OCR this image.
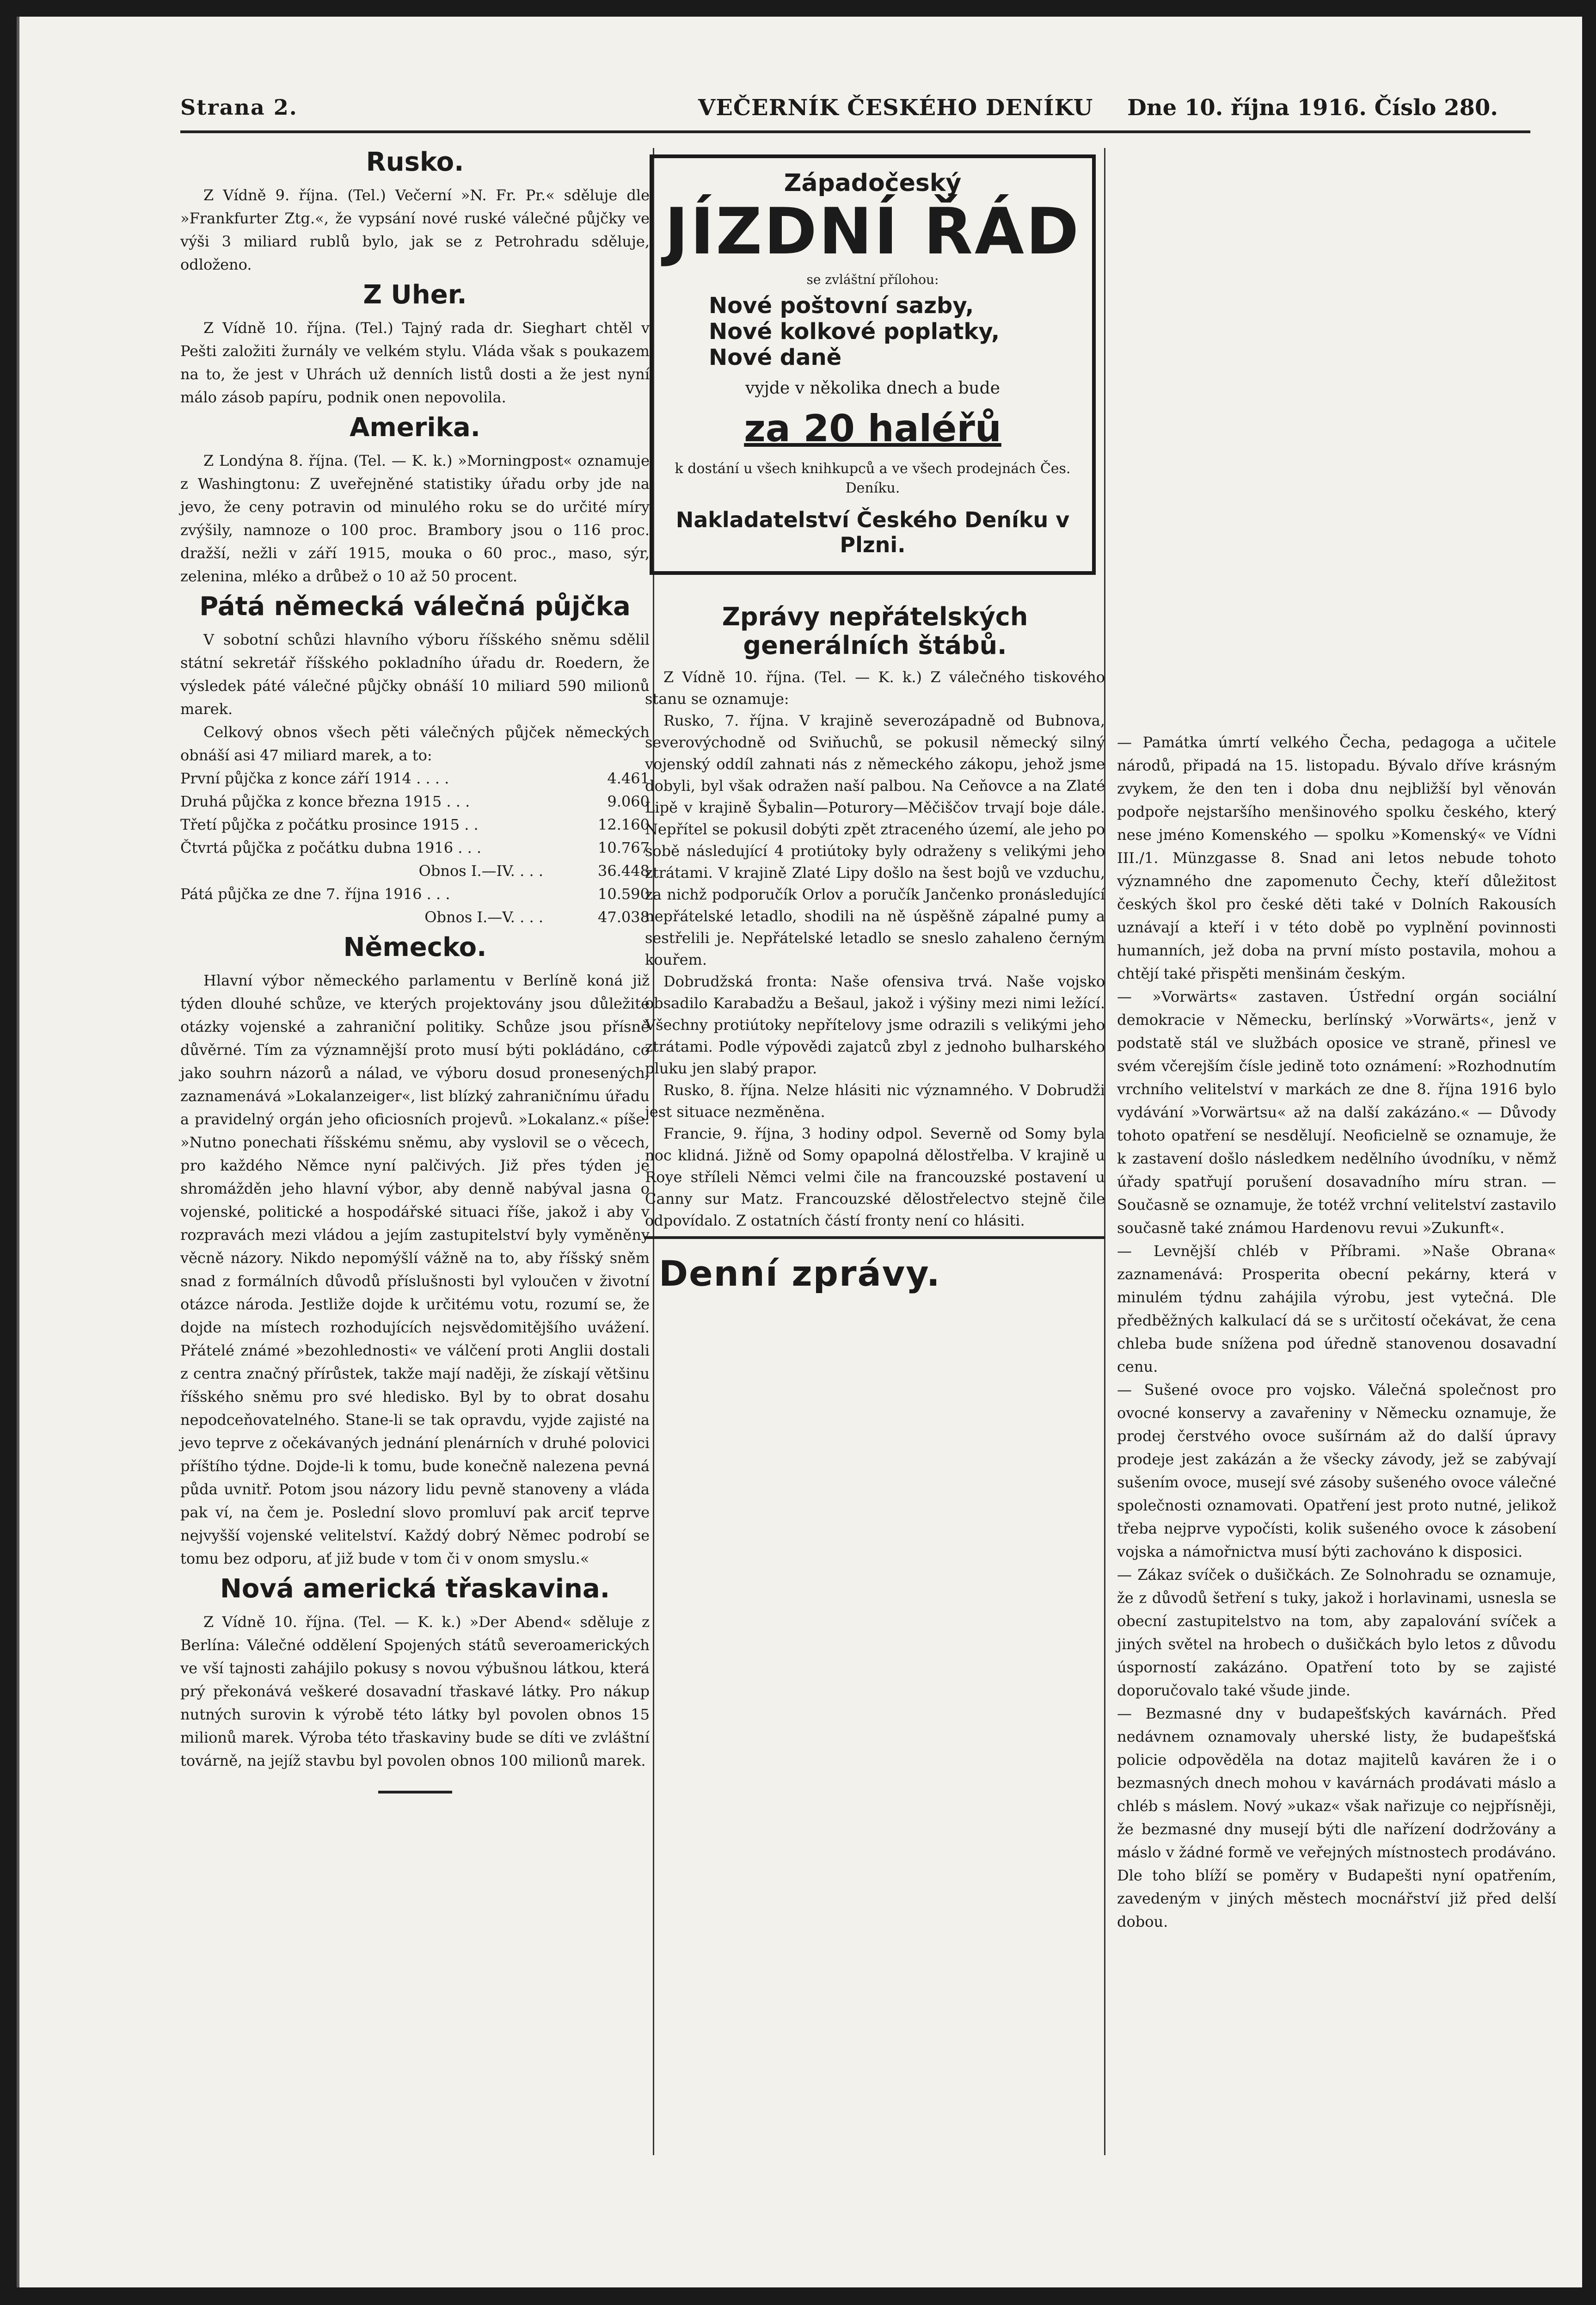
Strana 2.	VEČERNÍK ČESKÉHO DENÍKU Dne 10. října 1916. Číslo 280.
Rusko.

Z Vídně 9. října. (Tel.) Večerní »N. Fr. Pr.« sděluje dle »Frankfurter Ztg.«, že vypsání nové ruské válečné půjčky ve výši 3 miliard rublů bylo, jak se z Petrohradu sděluje, odloženo.

Z Uher.

Z Vídně 10. října. (Tel.) Tajný rada dr. Sieghart chtěl v Pešti založiti žurnály ve velkém stylu. Vláda však s poukazem na to, že jest v Uhrách už denních listů dosti a že jest nyní málo zásob papíru, podnik onen nepovolila.

Amerika.

Z Londýna 8. října. (Tel. — K. k.) »Morningpost« oznamuje z Washingtonu: Z uveřejněné statistiky úřadu orby jde na jevo, že ceny potravin od minulého roku se do určité míry zvýšily, namnoze o 100 proc. Brambory jsou o 116 proc. dražší, nežli v září 1915, mouka o 60 proc., maso, sýr, zelenina, mléko a drůbež o 10 až 50 procent.

Pátá německá válečná půjčka

V sobotní schůzi hlavního výboru říšského sněmu sdělil státní sekretář říšského pokladního úřadu dr. Roedern, že výsledek páté válečné půjčky obnáší 10 miliard 590 milionů marek.

Celkový obnos všech pěti válečných půjček německých obnáší asi 47 miliard marek, a to:

První půjčka z konce září 1914 . . . .	4.461
Druhá půjčka z konce března 1915 . . .	9.060
Třetí půjčka z počátku prosince 1915 . .	12.160
Čtvrtá půjčka z počátku dubna 1916 . . .	10.767
Obnos I.—IV. . . .	36.448
Pátá půjčka ze dne 7. října 1916 . . .	10.590
Obnos I.—V. . . .	47.038
Německo.

Hlavní výbor německého parlamentu v Berlíně koná již týden dlouhé schůze, ve kterých projektovány jsou důležité otázky vojenské a zahraniční politiky. Schůze jsou přísně důvěrné. Tím za významnější proto musí býti pokládáno, co jako souhrn názorů a nálad, ve výboru dosud pronesených, zaznamenává »Lokalanzeiger«, list blízký zahraničnímu úřadu a pravidelný orgán jeho oficiosních projevů. »Lokalanz.« píše: »Nutno ponechati říšskému sněmu, aby vyslovil se o věcech, pro každého Němce nyní palčivých. Již přes týden je shromážděn jeho hlavní výbor, aby denně nabýval jasna o vojenské, politické a hospodářské situaci říše, jakož i aby v rozpravách mezi vládou a jejím zastupitelství byly vyměněny věcně názory. Nikdo nepomýšlí vážně na to, aby říšský sněm snad z formálních důvodů příslušnosti byl vyloučen v životní otázce národa. Jestliže dojde k určitému votu, rozumí se, že dojde na místech rozhodujících nejsvědomitějšího uvážení. Přátelé známé »bezohlednosti« ve válčení proti Anglii dostali z centra značný přírůstek, takže mají naději, že získají většinu říšského sněmu pro své hledisko. Byl by to obrat dosahu nepodceňovatelného. Stane-li se tak opravdu, vyjde zajisté na jevo teprve z očekávaných jednání plenárních v druhé polovici příštího týdne. Dojde-li k tomu, bude konečně nalezena pevná půda uvnitř. Potom jsou názory lidu pevně stanoveny a vláda pak ví, na čem je. Poslední slovo promluví pak arciť teprve nejvyšší vojenské velitelství. Každý dobrý Němec podrobí se tomu bez odporu, ať již bude v tom či v onom smyslu.«

Nová americká třaskavina.

Z Vídně 10. října. (Tel. — K. k.) »Der Abend« sděluje z Berlína: Válečné oddělení Spojených států severoamerických ve vší tajnosti zahájilo pokusy s novou výbušnou látkou, která prý překonává veškeré dosavadní třaskavé látky. Pro nákup nutných surovin k výrobě této látky byl povolen obnos 15 milionů marek. Výroba této třaskaviny bude se díti ve zvláštní továrně, na jejíž stavbu byl povolen obnos 100 milionů marek.

Západočeský
JÍZDNÍ ŘÁD
se zvláštní přílohou:
Nové poštovní sazby,
Nové kolkové poplatky,
Nové daně
vyjde v několika dnech a bude
za 20 haléřů
k dostání u všech knihkupců a ve všech prodejnách Čes. Deníku.
Nakladatelství Českého Deníku v Plzni.
Zprávy nepřátelských generálních štábů.

Z Vídně 10. října. (Tel. — K. k.) Z válečného tiskového stanu se oznamuje:

Rusko, 7. října. V krajině severozápadně od Bubnova, severovýchodně od Sviňuchů, se pokusil německý silný vojenský oddíl zahnati nás z německého zákopu, jehož jsme dobyli, byl však odražen naší palbou. Na Ceňovce a na Zlaté Lipě v krajině Šybalin—Poturory—Měčiščov trvají boje dále. Nepřítel se pokusil dobýti zpět ztraceného území, ale jeho po sobě následující 4 protiútoky byly odraženy s velikými jeho ztrátami. V krajině Zlaté Lipy došlo na šest bojů ve vzduchu, za nichž podporučík Orlov a poručík Jančenko pronásledující nepřátelské letadlo, shodili na ně úspěšně zápalné pumy a sestřelili je. Nepřátelské letadlo se sneslo zahaleno černým kouřem.

Dobrudžská fronta: Naše ofensiva trvá. Naše vojsko obsadilo Karabadžu a Bešaul, jakož i výšiny mezi nimi ležící. Všechny protiútoky nepřítelovy jsme odrazili s velikými jeho ztrátami. Podle výpovědi zajatců zbyl z jednoho bulharského pluku jen slabý prapor.

Rusko, 8. října. Nelze hlásiti nic významného. V Dobrudži jest situace nezměněna.

Francie, 9. října, 3 hodiny odpol. Severně od Somy byla noc klidná. Jižně od Somy opapolná dělostřelba. V krajině u Roye stříleli Němci velmi čile na francouzské postavení u Canny sur Matz. Francouzské dělostřelectvo stejně čile odpovídalo. Z ostatních částí fronty není co hlásiti.

Denní zprávy.

— Památka úmrtí velkého Čecha, pedagoga a učitele národů, připadá na 15. listopadu. Bývalo dříve krásným zvykem, že den ten i doba dnu nejbližší byl věnován podpoře nejstaršího menšinového spolku českého, který nese jméno Komenského — spolku »Komenský« ve Vídni III./1. Münzgasse 8. Snad ani letos nebude tohoto významného dne zapomenuto Čechy, kteří důležitost českých škol pro české děti také v Dolních Rakousích uznávají a kteří i v této době po vyplnění povinnosti humanních, jež doba na první místo postavila, mohou a chtějí také přispěti menšinám českým.

— »Vorwärts« zastaven. Ústřední orgán sociální demokracie v Německu, berlínský »Vorwärts«, jenž v podstatě stál ve službách oposice ve straně, přinesl ve svém včerejším čísle jedině toto oznámení: »Rozhodnutím vrchního velitelství v markách ze dne 8. října 1916 bylo vydávání »Vorwärtsu« až na další zakázáno.« — Důvody tohoto opatření se nesdělují. Neoficielně se oznamuje, že k zastavení došlo následkem nedělního úvodníku, v němž úřady spatřují porušení dosavadního míru stran. — Současně se oznamuje, že totéž vrchní velitelství zastavilo současně také známou Hardenovu revui »Zukunft«.

— Levnější chléb v Příbrami. »Naše Obrana« zaznamenává: Prosperita obecní pekárny, která v minulém týdnu zahájila výrobu, jest vytečná. Dle předběžných kalkulací dá se s určitostí očekávat, že cena chleba bude snížena pod úředně stanovenou dosavadní cenu.

— Sušené ovoce pro vojsko. Válečná společnost pro ovocné konservy a zavařeniny v Německu oznamuje, že prodej čerstvého ovoce sušírnám až do další úpravy prodeje jest zakázán a že všecky závody, jež se zabývají sušením ovoce, musejí své zásoby sušeného ovoce válečné společnosti oznamovati. Opatření jest proto nutné, jelikož třeba nejprve vypočísti, kolik sušeného ovoce k zásobení vojska a námořnictva musí býti zachováno k disposici.

— Zákaz svíček o dušičkách. Ze Solnohradu se oznamuje, že z důvodů šetření s tuky, jakož i horlavinami, usnesla se obecní zastupitelstvo na tom, aby zapalování svíček a jiných světel na hrobech o dušičkách bylo letos z důvodu úsporností zakázáno. Opatření toto by se zajisté doporučovalo také všude jinde.

— Bezmasné dny v budapešťských kavárnách. Před nedávnem oznamovaly uherské listy, že budapešťská policie odpověděla na dotaz majitelů kaváren že i o bezmasných dnech mohou v kavárnách prodávati máslo a chléb s máslem. Nový »ukaz« však nařizuje co nejpřísněji, že bezmasné dny musejí býti dle nařízení dodržovány a máslo v žádné formě ve veřejných místnostech prodáváno. Dle toho blíží se poměry v Budapešti nyní opatřením, zavedeným v jiných městech mocnářství již před delší dobou.
